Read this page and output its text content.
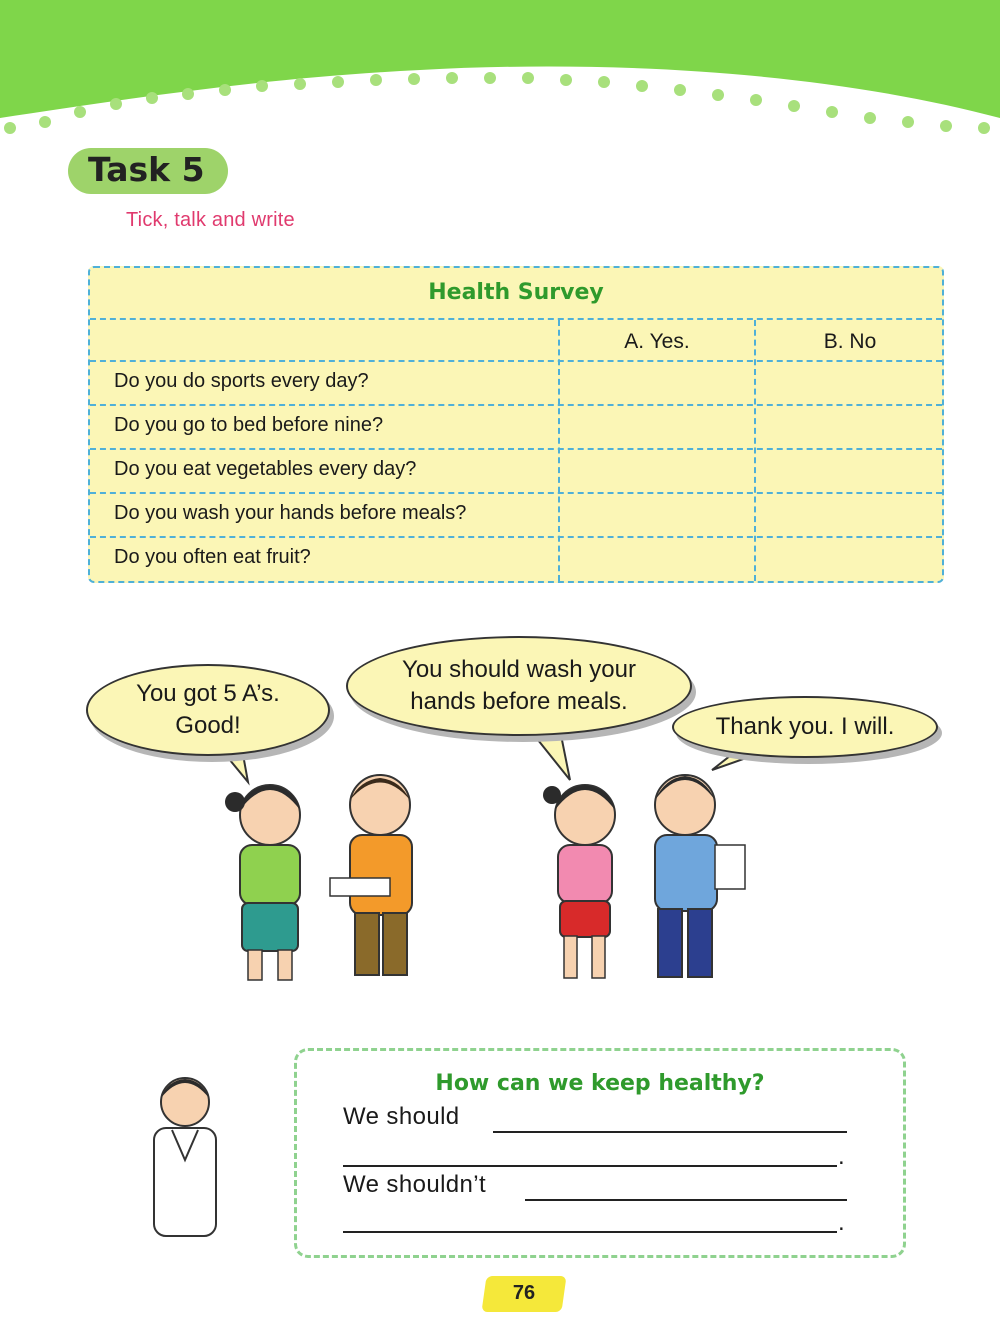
Task 5
Tick, talk and write
Health Survey
A. Yes.	B. No
Do you do sports every day?
Do you go to bed before nine?
Do you eat vegetables every day?
Do you wash your hands before meals?
Do you often eat fruit?
You got 5 A’s.
Good!
You should wash your
hands before meals.
Thank you. I will.
How can we keep healthy?
We should
.
We shouldn’t
.
76
